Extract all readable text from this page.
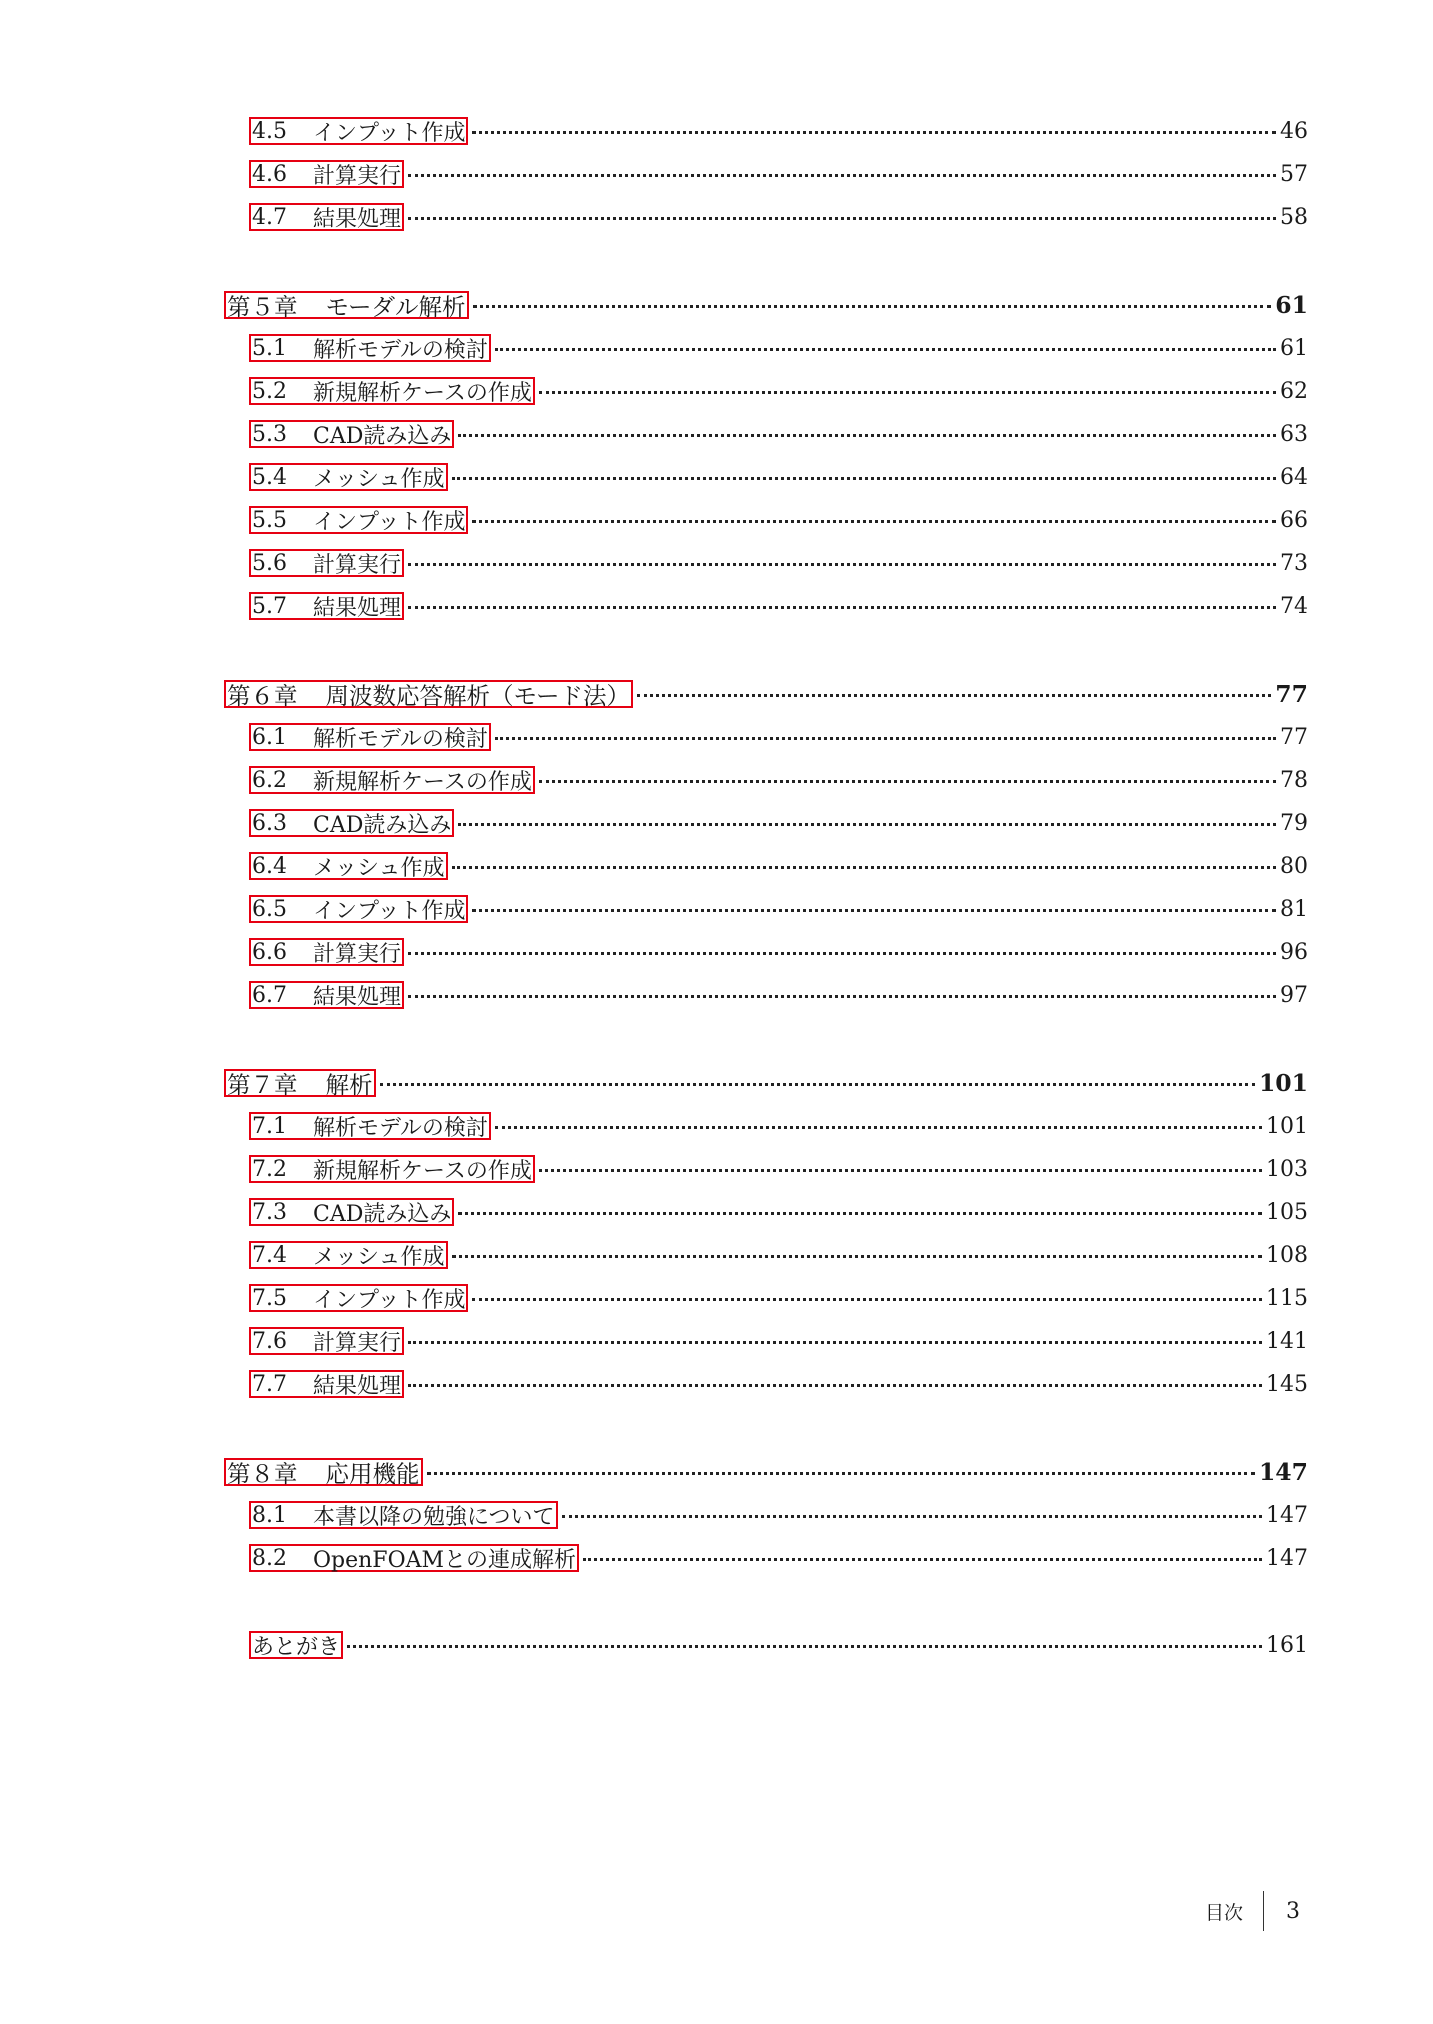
4.5 インプット作成	46
4.6 計算実行	57
4.7 結果処理	58
第５章 モーダル解析	61
5.1 解析モデルの検討	61
5.2 新規解析ケースの作成	62
5.3 CAD読み込み	63
5.4 メッシュ作成	64
5.5 インプット作成	66
5.6 計算実行	73
5.7 結果処理	74
第６章 周波数応答解析（モード法）	77
6.1 解析モデルの検討	77
6.2 新規解析ケースの作成	78
6.3 CAD読み込み	79
6.4 メッシュ作成	80
6.5 インプット作成	81
6.6 計算実行	96
6.7 結果処理	97
第７章 解析	101
7.1 解析モデルの検討	101
7.2 新規解析ケースの作成	103
7.3 CAD読み込み	105
7.4 メッシュ作成	108
7.5 インプット作成	115
7.6 計算実行	141
7.7 結果処理	145
第８章 応用機能	147
8.1 本書以降の勉強について	147
8.2 OpenFOAMとの連成解析	147
あとがき	161
目次 3
